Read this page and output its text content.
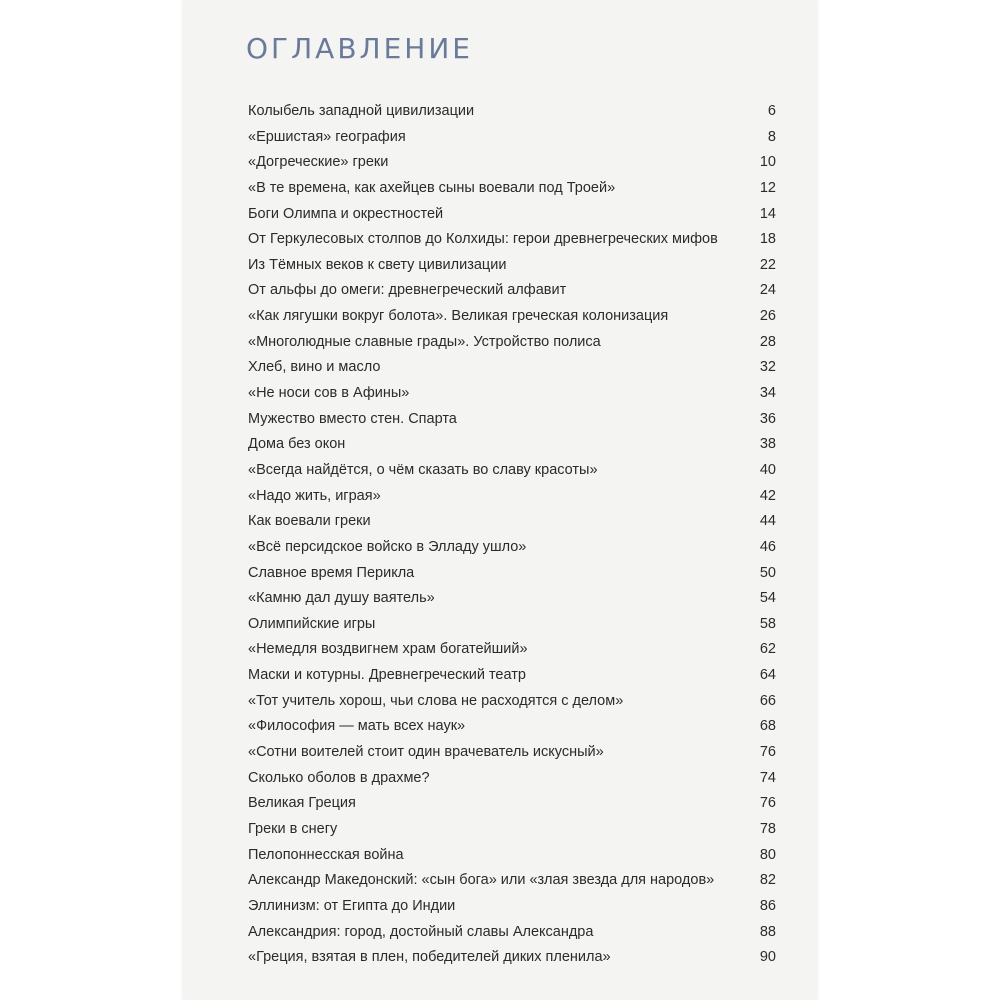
ОГЛАВЛЕНИЕ
Колыбель западной цивилизации	6
«Ершистая» география	8
«Догреческие» греки	10
«В те времена, как ахейцев сыны воевали под Троей»	12
Боги Олимпа и окрестностей	14
От Геркулесовых столпов до Колхиды: герои древнегреческих мифов	18
Из Тёмных веков к свету цивилизации	22
От альфы до омеги: древнегреческий алфавит	24
«Как лягушки вокруг болота». Великая греческая колонизация	26
«Многолюдные славные грады». Устройство полиса	28
Хлеб, вино и масло	32
«Не носи сов в Афины»	34
Мужество вместо стен. Спарта	36
Дома без окон	38
«Всегда найдётся, о чём сказать во славу красоты»	40
«Надо жить, играя»	42
Как воевали греки	44
«Всё персидское войско в Элладу ушло»	46
Славное время Перикла	50
«Камню дал душу ваятель»	54
Олимпийские игры	58
«Немедля воздвигнем храм богатейший»	62
Маски и котурны. Древнегреческий театр	64
«Тот учитель хорош, чьи слова не расходятся с делом»	66
«Философия — мать всех наук»	68
«Сотни воителей стоит один врачеватель искусный»	76
Сколько оболов в драхме?	74
Великая Греция	76
Греки в снегу	78
Пелопоннесская война	80
Александр Македонский: «сын бога» или «злая звезда для народов»	82
Эллинизм: от Египта до Индии	86
Александрия: город, достойный славы Александра	88
«Греция, взятая в плен, победителей диких пленила»	90
